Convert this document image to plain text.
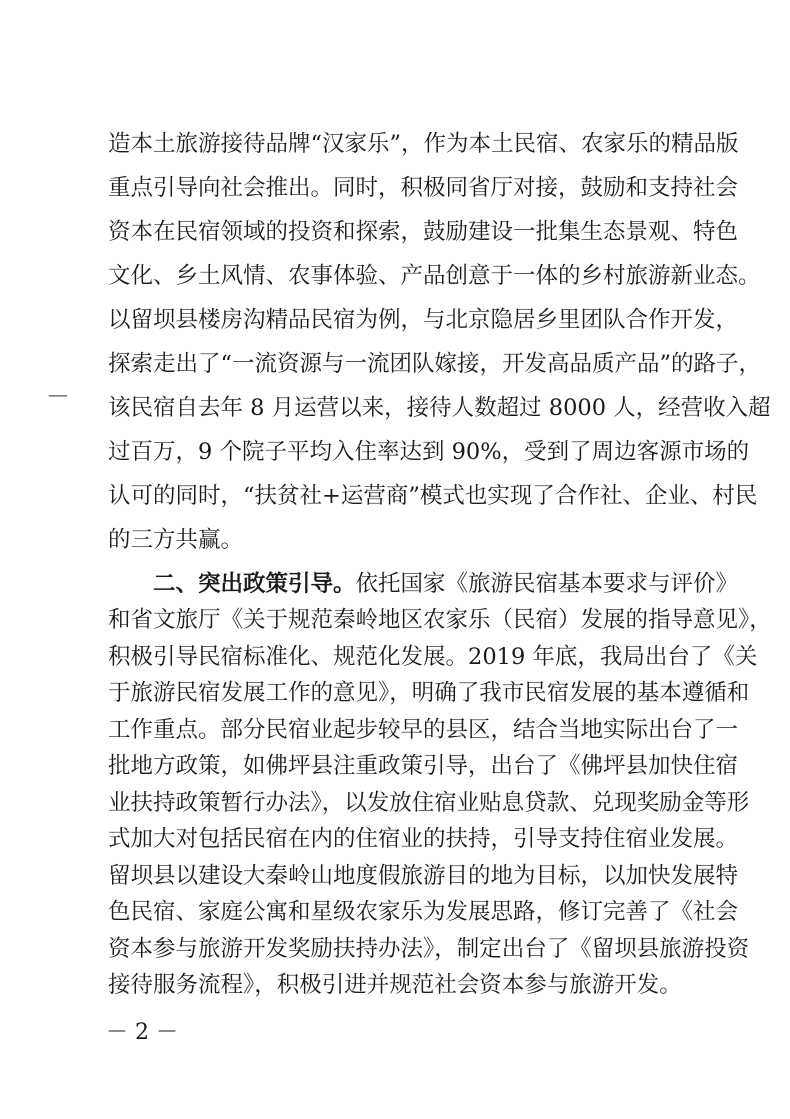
—
造本土旅游接待品牌“汉家乐”，作为本土民宿、农家乐的精品版
重点引导向社会推出。同时，积极同省厅对接，鼓励和支持社会
资本在民宿领域的投资和探索，鼓励建设一批集生态景观、特色
文化、乡土风情、农事体验、产品创意于一体的乡村旅游新业态。
以留坝县楼房沟精品民宿为例，与北京隐居乡里团队合作开发，
探索走出了“一流资源与一流团队嫁接，开发高品质产品”的路子，
该民宿自去年 8 月运营以来，接待人数超过 8000 人，经营收入超
过百万，9 个院子平均入住率达到 90%，受到了周边客源市场的
认可的同时，“扶贫社+运营商”模式也实现了合作社、企业、村民
的三方共赢。
二、突出政策引导。依托国家《旅游民宿基本要求与评价》
和省文旅厅《关于规范秦岭地区农家乐（民宿）发展的指导意见》，
积极引导民宿标准化、规范化发展。2019 年底，我局出台了《关
于旅游民宿发展工作的意见》，明确了我市民宿发展的基本遵循和
工作重点。部分民宿业起步较早的县区，结合当地实际出台了一
批地方政策，如佛坪县注重政策引导，出台了《佛坪县加快住宿
业扶持政策暂行办法》，以发放住宿业贴息贷款、兑现奖励金等形
式加大对包括民宿在内的住宿业的扶持，引导支持住宿业发展。
留坝县以建设大秦岭山地度假旅游目的地为目标，以加快发展特
色民宿、家庭公寓和星级农家乐为发展思路，修订完善了《社会
资本参与旅游开发奖励扶持办法》，制定出台了《留坝县旅游投资
接待服务流程》，积极引进并规范社会资本参与旅游开发。
－ 2 －
